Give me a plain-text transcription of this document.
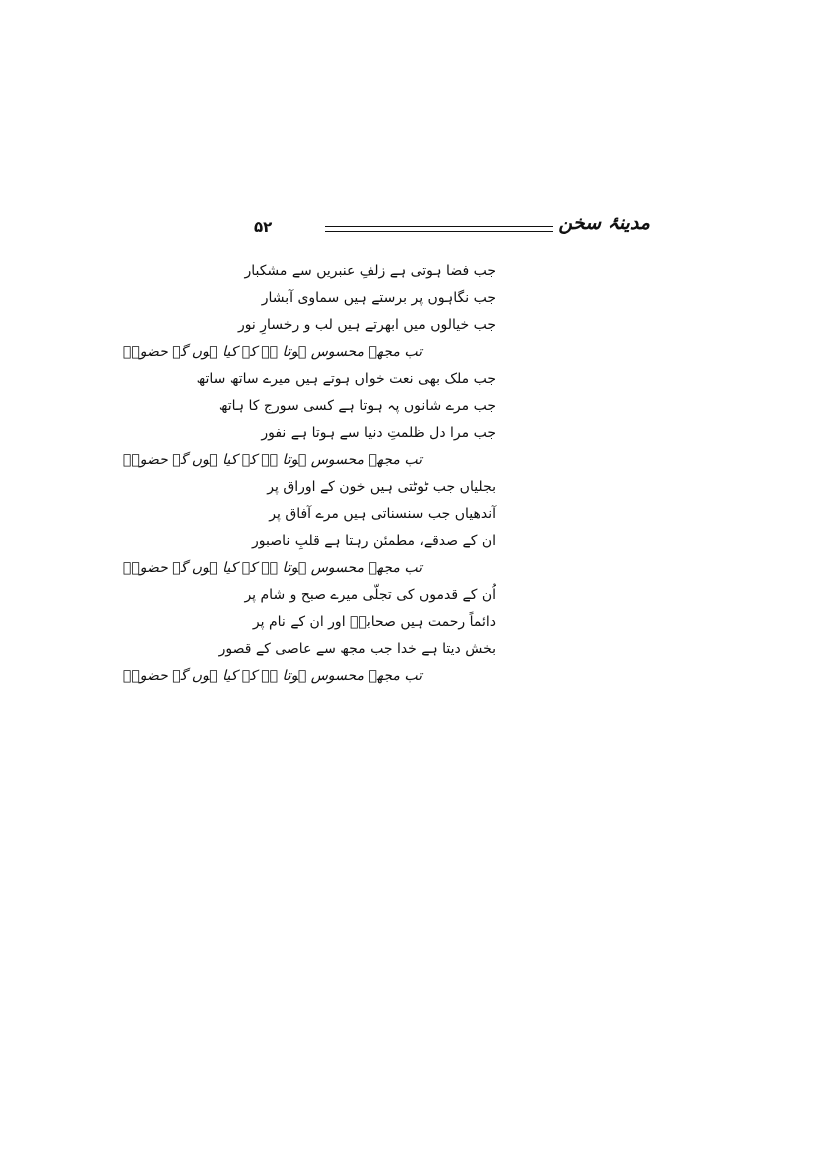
۵۲	مدینۂ سخن
جب فضا ہوتی ہے زلفِ عنبریں سے مشکبار
جب نگاہوں پر برستے ہیں سماوی آبشار
جب خیالوں میں ابھرتے ہیں لب و رخسارِ نور
تب مجھے محسوس ہوتا ہے کہ کیا ہوں گے حضورؐ
جب ملک بھی نعت خواں ہوتے ہیں میرے ساتھ ساتھ
جب مرے شانوں پہ ہوتا ہے کسی سورج کا ہاتھ
جب مرا دل ظلمتِ دنیا سے ہوتا ہے نفور
تب مجھے محسوس ہوتا ہے کہ کیا ہوں گے حضورؐ
بجلیاں جب ٹوٹتی ہیں خون کے اوراق پر
آندھیاں جب سنسناتی ہیں مرے آفاق پر
ان کے صدقے، مطمئن رہتا ہے قلبِ ناصبور
تب مجھے محسوس ہوتا ہے کہ کیا ہوں گے حضورؐ
اُن کے قدموں کی تجلّی میرے صبح و شام پر
دائماً رحمت ہیں صحابہؓ اور ان کے نام پر
بخش دیتا ہے خدا جب مجھ سے عاصی کے قصور
تب مجھے محسوس ہوتا ہے کہ کیا ہوں گے حضورؐ
